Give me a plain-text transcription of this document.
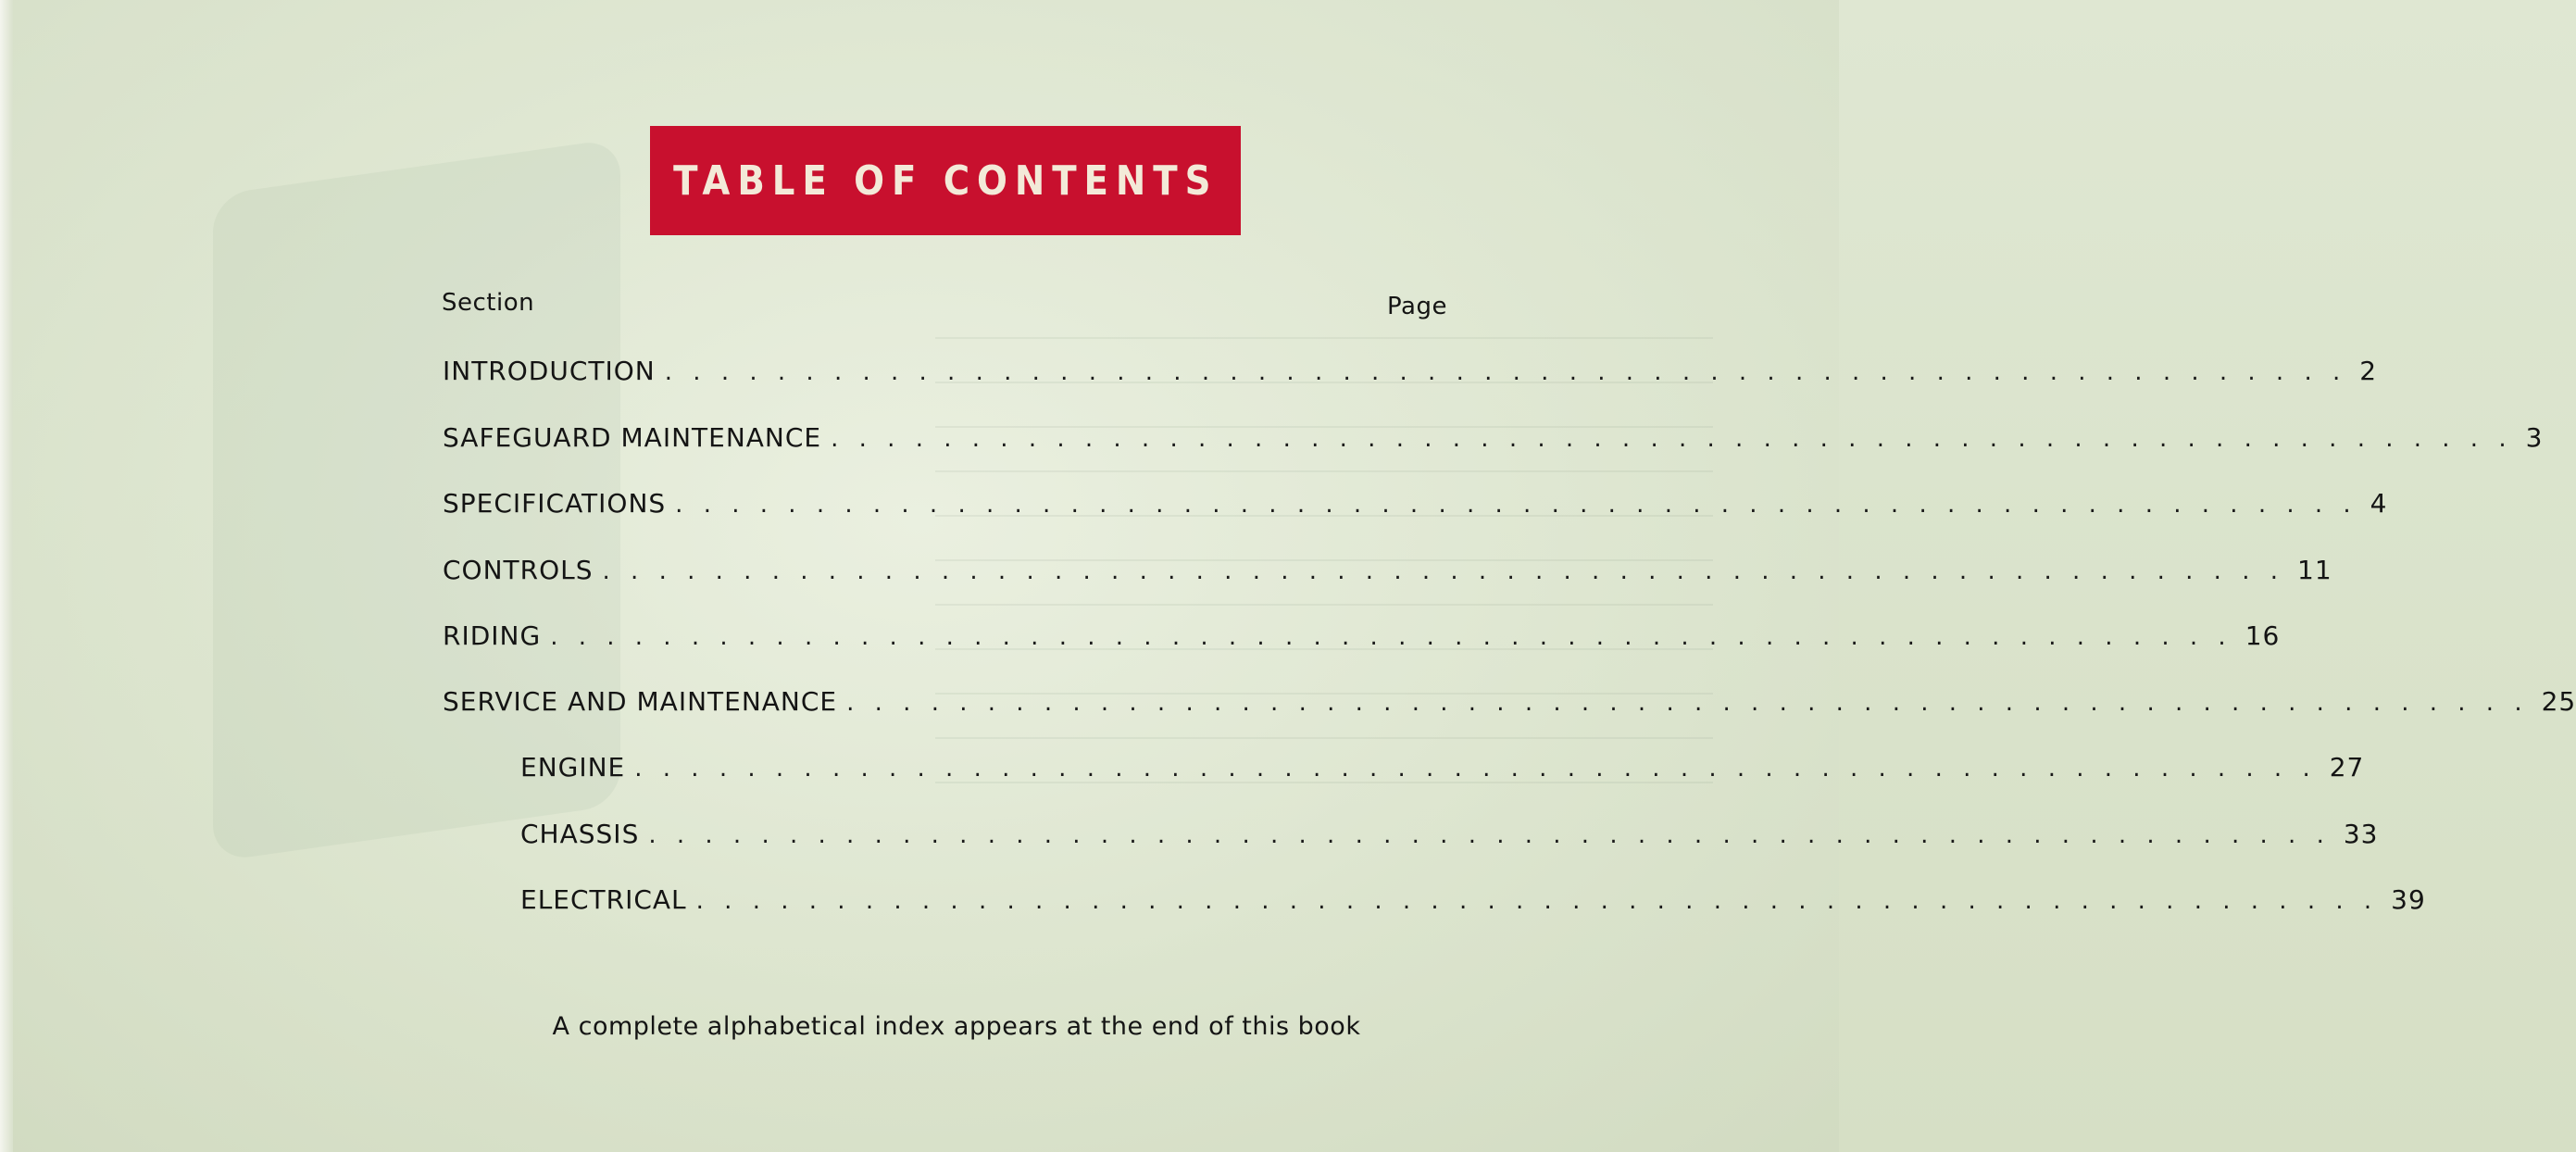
TABLE OF CONTENTS
Section	Page
INTRODUCTION . . . . . . . . . . . . . . . . . . . . . . . . . . . . . . . . . . . . . . . . . . . . . . . . . . . . . . . . . . . . 2
SAFEGUARD MAINTENANCE . . . . . . . . . . . . . . . . . . . . . . . . . . . . . . . . . . . . . . . . . . . . . . . . . . . . . . . . . . . . 3
SPECIFICATIONS . . . . . . . . . . . . . . . . . . . . . . . . . . . . . . . . . . . . . . . . . . . . . . . . . . . . . . . . . . . . 4
CONTROLS . . . . . . . . . . . . . . . . . . . . . . . . . . . . . . . . . . . . . . . . . . . . . . . . . . . . . . . . . . . . 11
RIDING . . . . . . . . . . . . . . . . . . . . . . . . . . . . . . . . . . . . . . . . . . . . . . . . . . . . . . . . . . . . 16
SERVICE AND MAINTENANCE . . . . . . . . . . . . . . . . . . . . . . . . . . . . . . . . . . . . . . . . . . . . . . . . . . . . . . . . . . . . 25
ENGINE . . . . . . . . . . . . . . . . . . . . . . . . . . . . . . . . . . . . . . . . . . . . . . . . . . . . . . . . . . . . 27
CHASSIS . . . . . . . . . . . . . . . . . . . . . . . . . . . . . . . . . . . . . . . . . . . . . . . . . . . . . . . . . . . . 33
ELECTRICAL . . . . . . . . . . . . . . . . . . . . . . . . . . . . . . . . . . . . . . . . . . . . . . . . . . . . . . . . . . . . 39
A complete alphabetical index appears at the end of this book
